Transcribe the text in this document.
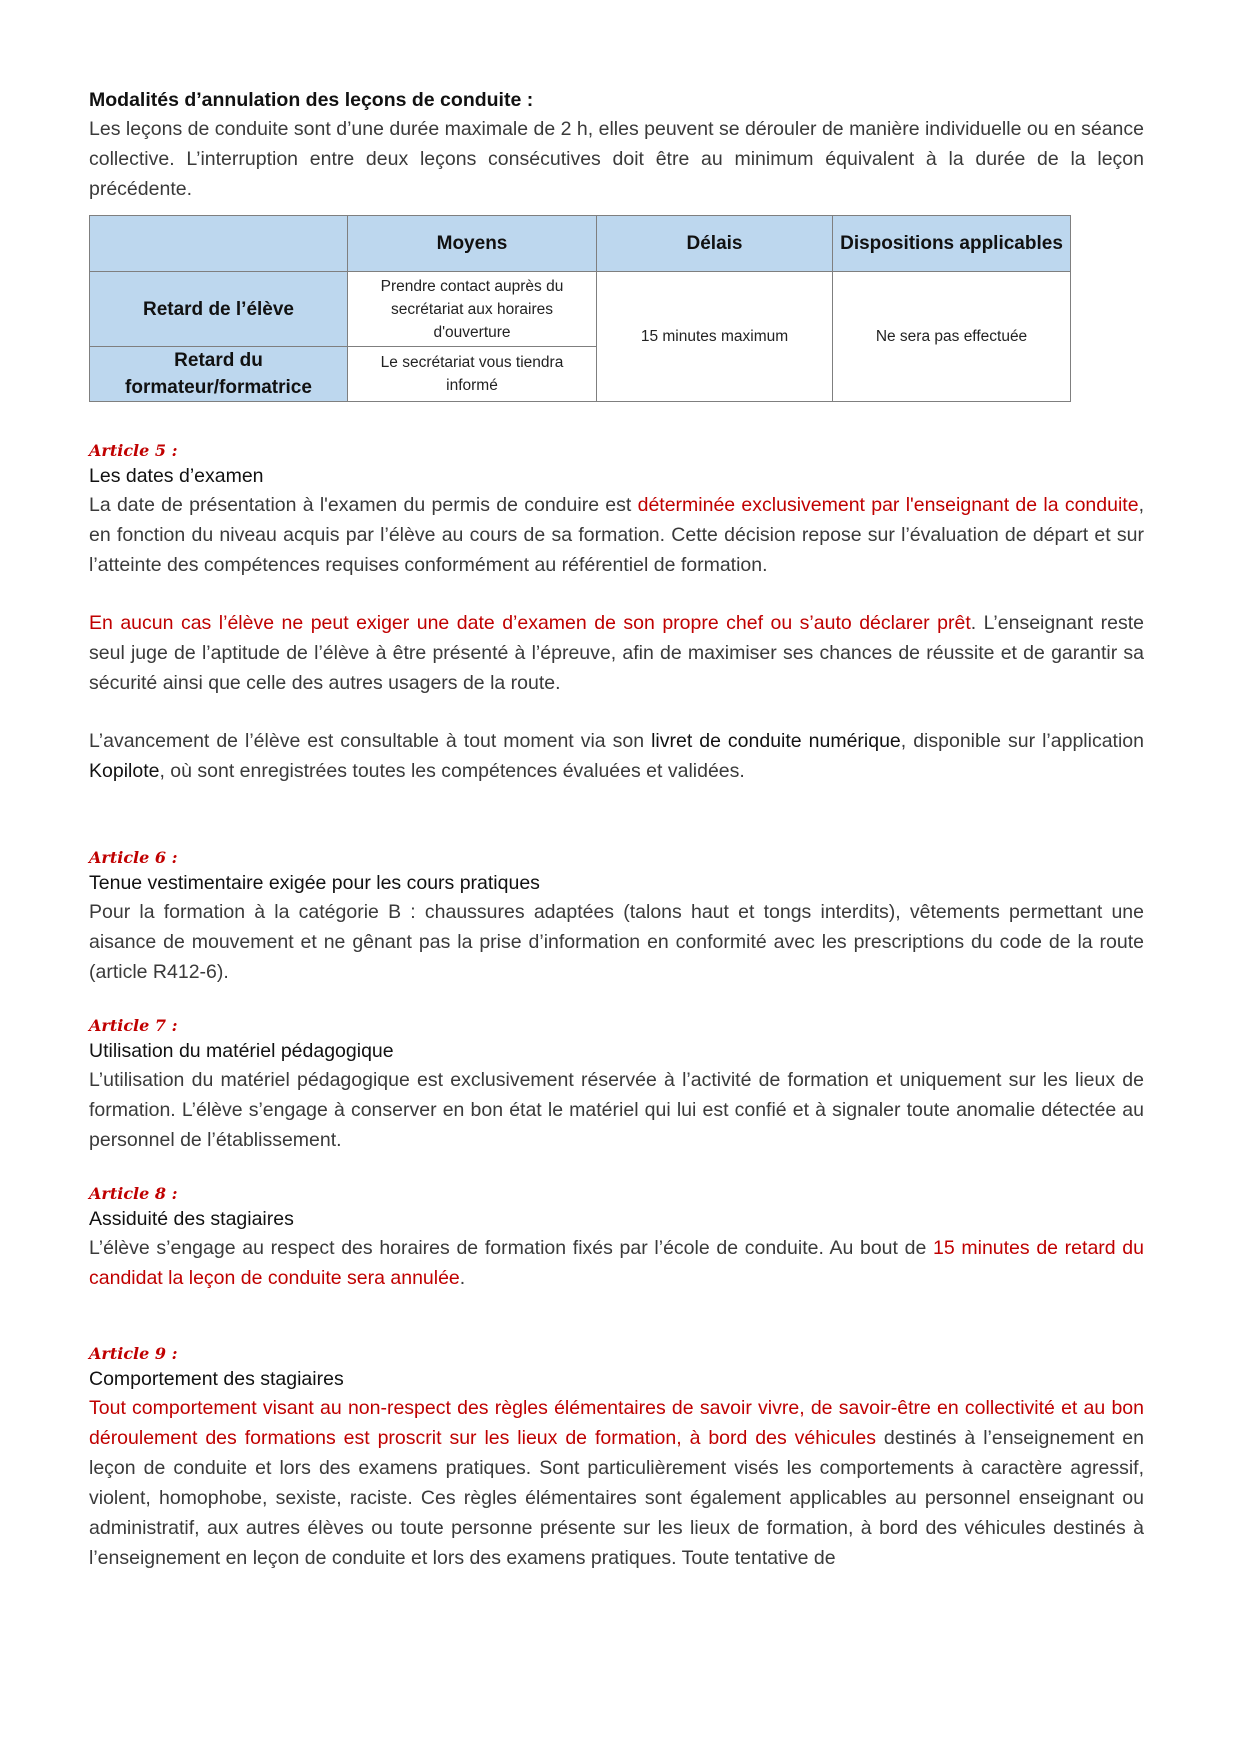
Modalités d’annulation des leçons de conduite :

Les leçons de conduite sont d’une durée maximale de 2 h, elles peuvent se dérouler de manière individuelle ou en séance collective. L’interruption entre deux leçons consécutives doit être au minimum équivalent à la durée de la leçon précédente.

	Moyens	Délais	Dispositions applicables
Retard de l’élève	Prendre contact auprès du secrétariat aux horaires d'ouverture	15 minutes maximum	Ne sera pas effectuée
Retard du formateur/formatrice	Le secrétariat vous tiendra informé		
Article 5 :
Les dates d’examen

La date de présentation à l'examen du permis de conduire est déterminée exclusivement par l'enseignant de la conduite, en fonction du niveau acquis par l’élève au cours de sa formation. Cette décision repose sur l’évaluation de départ et sur l’atteinte des compétences requises conformément au référentiel de formation.

En aucun cas l’élève ne peut exiger une date d’examen de son propre chef ou s’auto déclarer prêt. L’enseignant reste seul juge de l’aptitude de l’élève à être présenté à l’épreuve, afin de maximiser ses chances de réussite et de garantir sa sécurité ainsi que celle des autres usagers de la route.

L’avancement de l’élève est consultable à tout moment via son livret de conduite numérique, disponible sur l’application Kopilote, où sont enregistrées toutes les compétences évaluées et validées.

Article 6 :
Tenue vestimentaire exigée pour les cours pratiques

Pour la formation à la catégorie B : chaussures adaptées (talons haut et tongs interdits), vêtements permettant une aisance de mouvement et ne gênant pas la prise d’information en conformité avec les prescriptions du code de la route (article R412-6).

Article 7 :
Utilisation du matériel pédagogique

L’utilisation du matériel pédagogique est exclusivement réservée à l’activité de formation et uniquement sur les lieux de formation. L’élève s’engage à conserver en bon état le matériel qui lui est confié et à signaler toute anomalie détectée au personnel de l’établissement.

Article 8 :
Assiduité des stagiaires

L’élève s’engage au respect des horaires de formation fixés par l’école de conduite. Au bout de 15 minutes de retard du candidat la leçon de conduite sera annulée.

Article 9 :
Comportement des stagiaires

Tout comportement visant au non-respect des règles élémentaires de savoir vivre, de savoir-être en collectivité et au bon déroulement des formations est proscrit sur les lieux de formation, à bord des véhicules destinés à l’enseignement en leçon de conduite et lors des examens pratiques. Sont particulièrement visés les comportements à caractère agressif, violent, homophobe, sexiste, raciste. Ces règles élémentaires sont également applicables au personnel enseignant ou administratif, aux autres élèves ou toute personne présente sur les lieux de formation, à bord des véhicules destinés à l’enseignement en leçon de conduite et lors des examens pratiques. Toute tentative de
